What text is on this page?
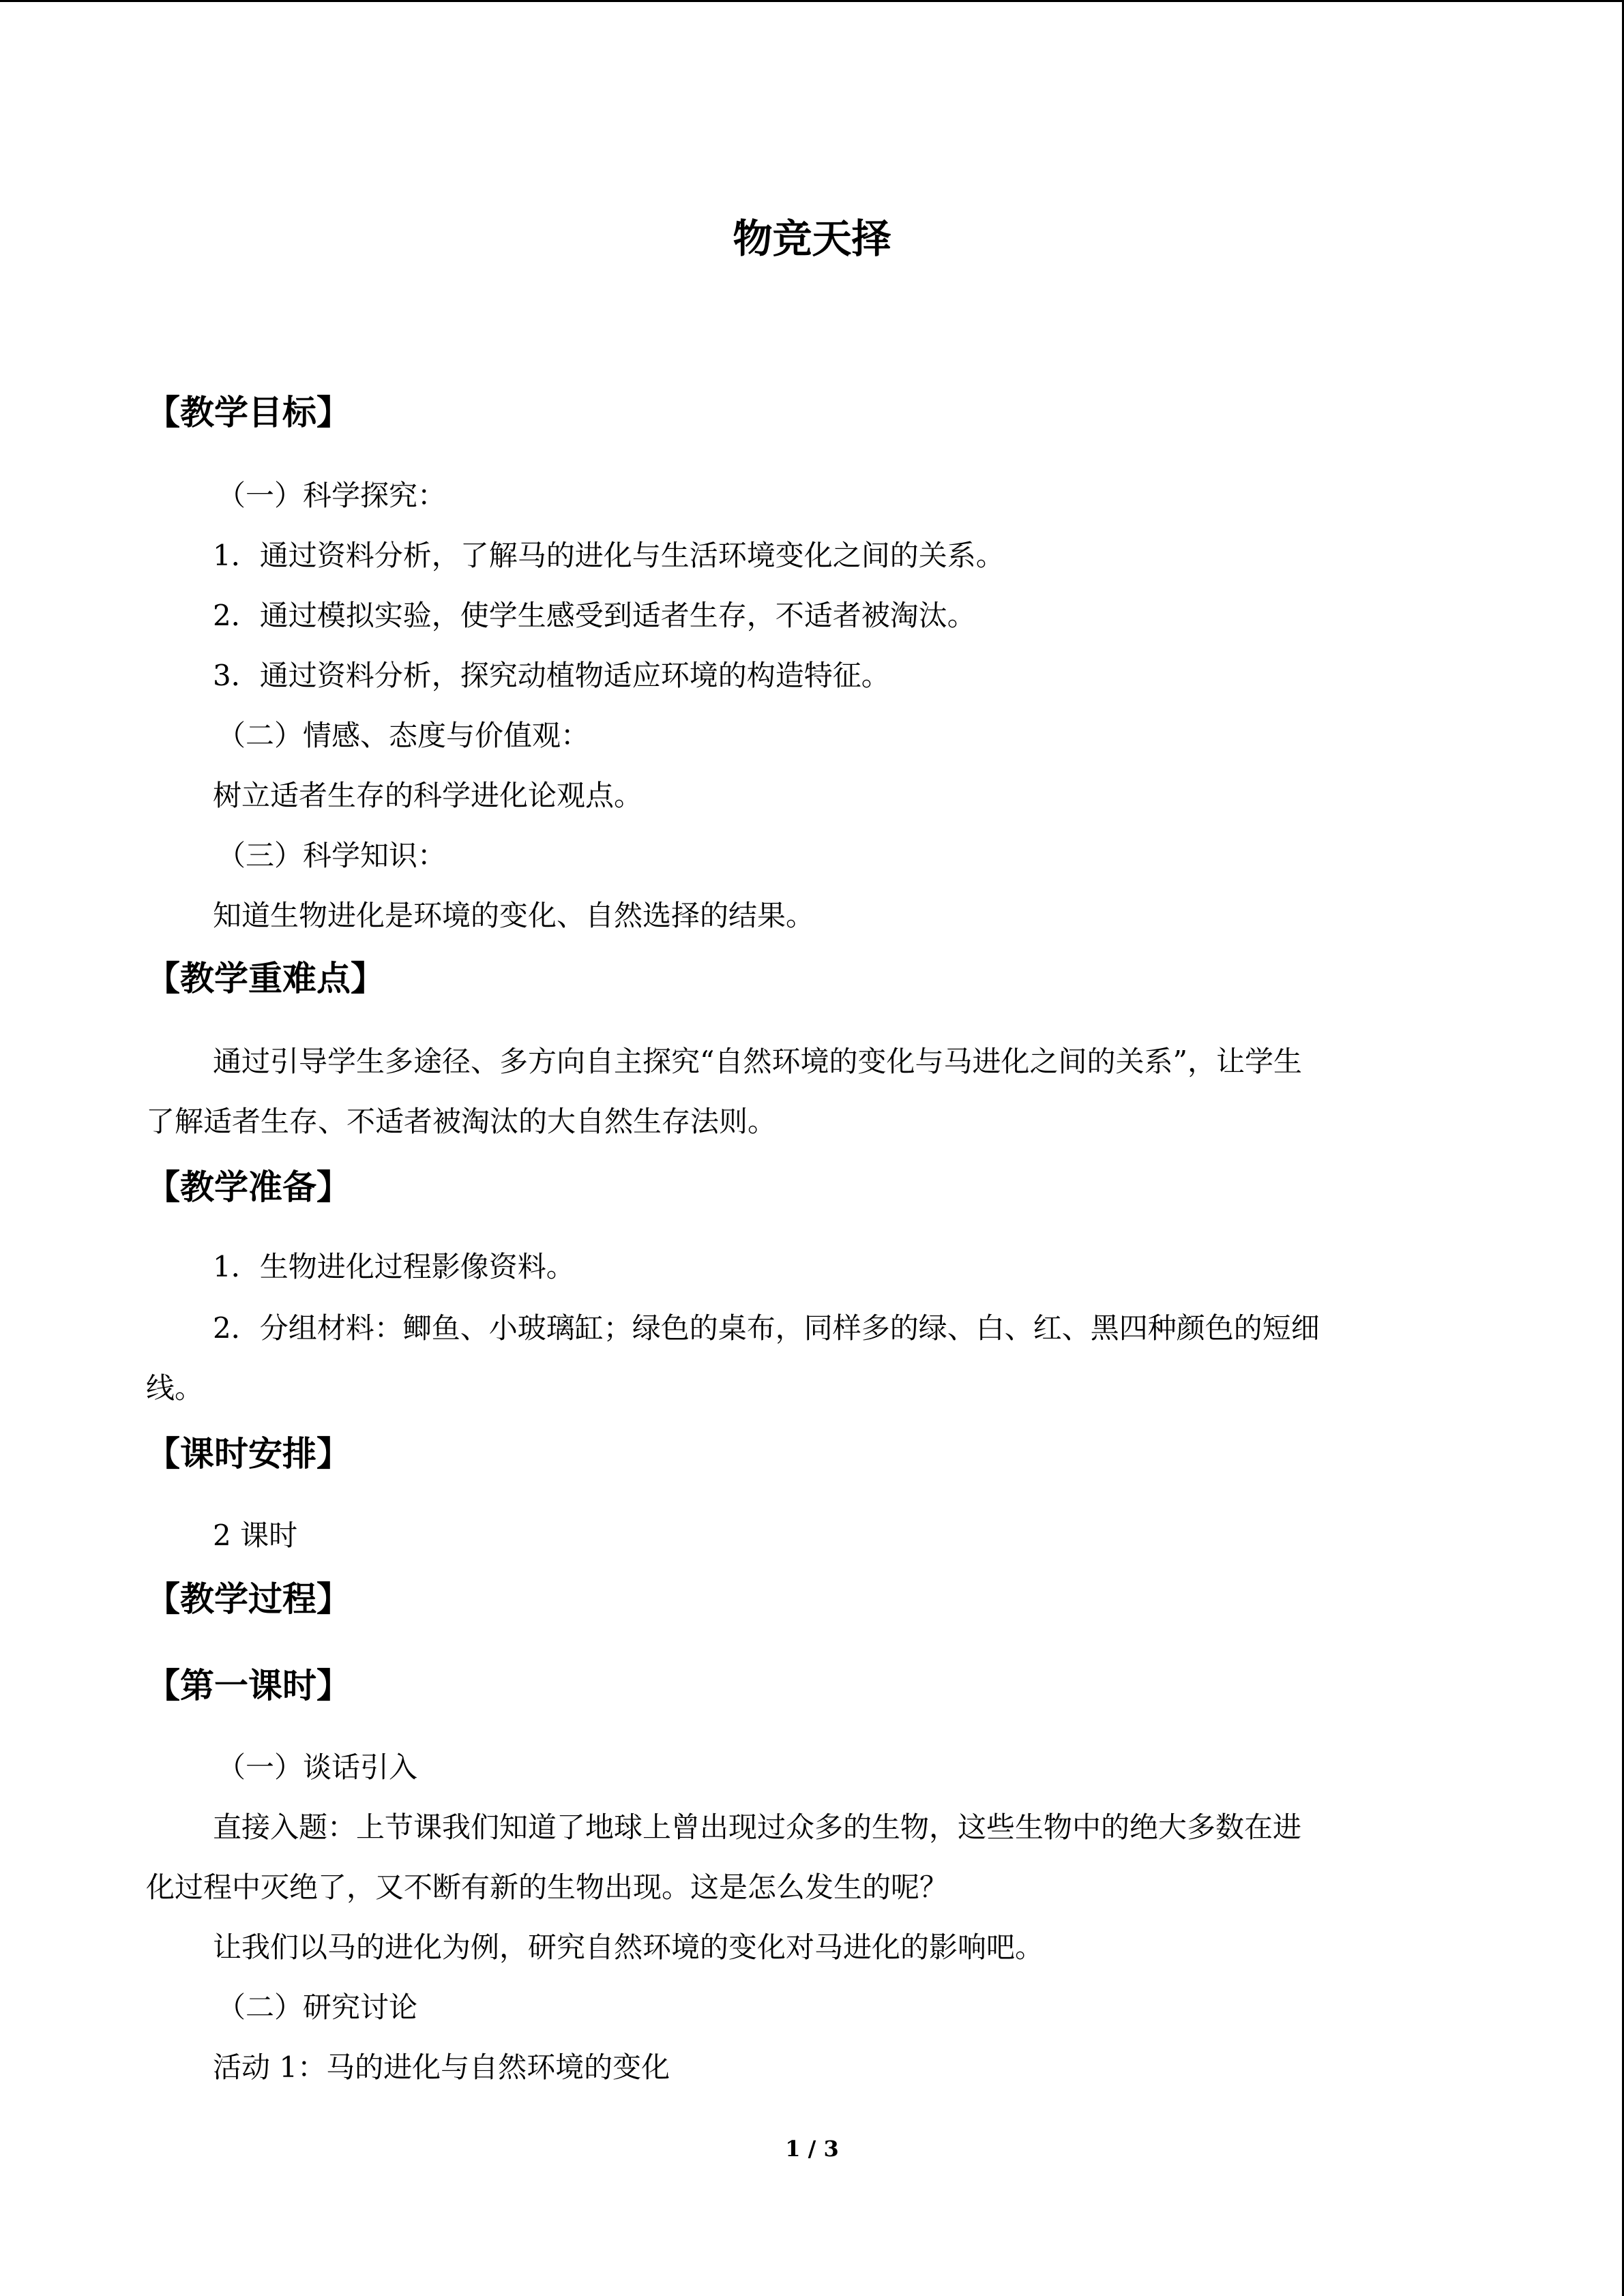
物竞天择
【教学目标】
（一）科学探究：
1．通过资料分析，了解马的进化与生活环境变化之间的关系。
2．通过模拟实验，使学生感受到适者生存，不适者被淘汰。
3．通过资料分析，探究动植物适应环境的构造特征。
（二）情感、态度与价值观：
树立适者生存的科学进化论观点。
（三）科学知识：
知道生物进化是环境的变化、自然选择的结果。
【教学重难点】
通过引导学生多途径、多方向自主探究“自然环境的变化与马进化之间的关系”，让学生
了解适者生存、不适者被淘汰的大自然生存法则。
【教学准备】
1．生物进化过程影像资料。
2．分组材料：鲫鱼、小玻璃缸；绿色的桌布，同样多的绿、白、红、黑四种颜色的短细
线。
【课时安排】
2 课时
【教学过程】
【第一课时】
（一）谈话引入
直接入题：上节课我们知道了地球上曾出现过众多的生物，这些生物中的绝大多数在进
化过程中灭绝了，又不断有新的生物出现。这是怎么发生的呢？
让我们以马的进化为例，研究自然环境的变化对马进化的影响吧。
（二）研究讨论
活动 1：马的进化与自然环境的变化
1 / 3
